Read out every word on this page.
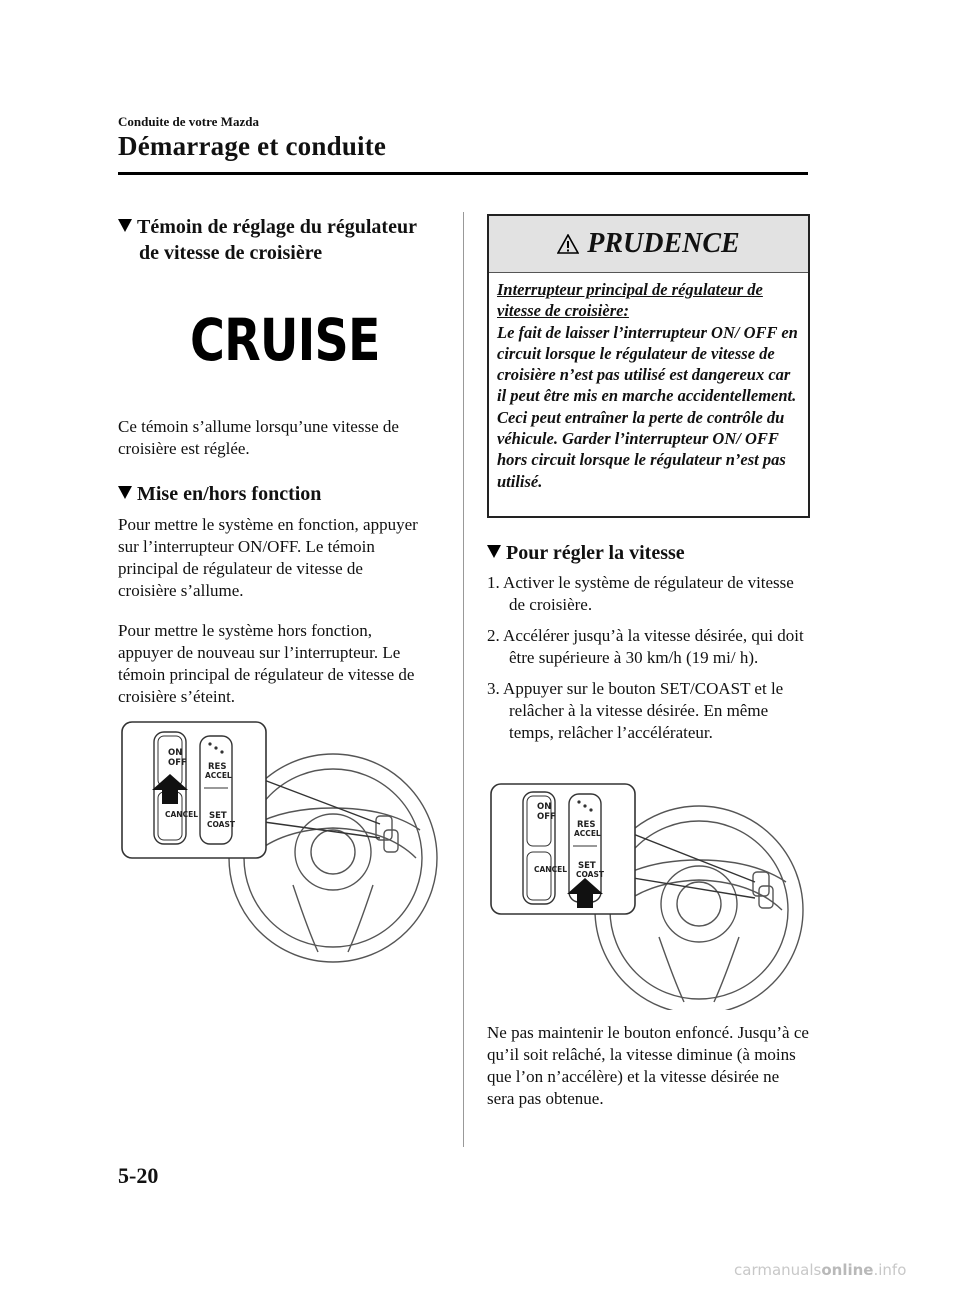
Conduite de votre Mazda
Démarrage et conduite
Témoin de réglage du régulateur de vitesse de croisière
CRUISE

Ce témoin s’allume lorsqu’une vitesse de croisière est réglée.

Mise en/hors fonction

Pour mettre le système en fonction, appuyer sur l’interrupteur ON/OFF. Le témoin principal de régulateur de vitesse de croisière s’allume.

Pour mettre le système hors fonction, appuyer de nouveau sur l’interrupteur. Le témoin principal de régulateur de vitesse de croisière s’éteint.

ON
OFF RES
ACCEL
SET
COAST
CANCEL
PRUDENCE
Interrupteur principal de régulateur de vitesse de croisière:
Le fait de laisser l’interrupteur ON/ OFF en circuit lorsque le régulateur de vitesse de croisière n’est pas utilisé est dangereux car il peut être mis en marche accidentellement. Ceci peut entraîner la perte de contrôle du véhicule. Garder l’interrupteur ON/ OFF hors circuit lorsque le régulateur n’est pas utilisé.
Pour régler la vitesse
1. Activer le système de régulateur de vitesse de croisière.
2. Accélérer jusqu’à la vitesse désirée, qui doit être supérieure à 30 km/h (19 mi/ h).
3. Appuyer sur le bouton SET/COAST et le relâcher à la vitesse désirée. En même temps, relâcher l’accélérateur.
ON
OFF
RES
ACCEL
CANCEL SET
COAST

Ne pas maintenir le bouton enfoncé. Jusqu’à ce qu’il soit relâché, la vitesse diminue (à moins que l’on n’accélère) et la vitesse désirée ne sera pas obtenue.

5-20
carmanualsonline.info
